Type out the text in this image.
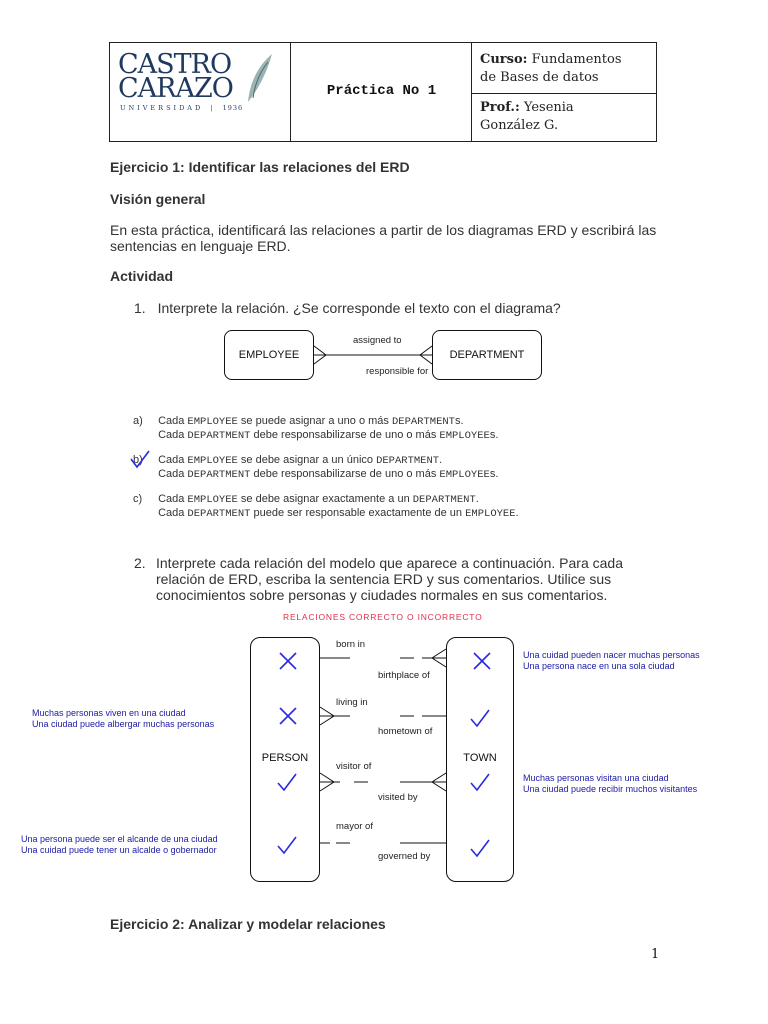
CASTRO
CARAZO
UNIVERSIDAD | 1936
Práctica No 1
Curso: Fundamentos
de Bases de datos
Prof.: Yesenia
González G.
Ejercicio 1: Identificar las relaciones del ERD
Visión general
En esta práctica, identificará las relaciones a partir de los diagramas ERD y escribirá las
sentencias en lenguaje ERD.
Actividad
1. Interprete la relación. ¿Se corresponde el texto con el diagrama?
EMPLOYEE	DEPARTMENT
assigned to
responsible for
a) Cada EMPLOYEE se puede asignar a uno o más DEPARTMENTs.
Cada DEPARTMENT debe responsabilizarse de uno o más EMPLOYEEs.
b) Cada EMPLOYEE se debe asignar a un único DEPARTMENT.
Cada DEPARTMENT debe responsabilizarse de uno o más EMPLOYEEs.
c) Cada EMPLOYEE se debe asignar exactamente a un DEPARTMENT.
Cada DEPARTMENT puede ser responsable exactamente de un EMPLOYEE.
2. Interprete cada relación del modelo que aparece a continuación. Para cada
relación de ERD, escriba la sentencia ERD y sus comentarios. Utilice sus
conocimientos sobre personas y ciudades normales en sus comentarios.
RELACIONES CORRECTO O INCORRECTO
PERSON	TOWN
born in
birthplace of
living in
hometown of
visitor of
visited by
mayor of
governed by
Una cuidad pueden nacer muchas personas
Una persona nace en una sola ciudad
Muchas personas viven en una ciudad
Una ciudad puede albergar muchas personas
Muchas personas visitan una ciudad
Una ciudad puede recibir muchos visitantes
Una persona puede ser el alcande de una ciudad
Una cuidad puede tener un alcalde o gobernador
Ejercicio 2: Analizar y modelar relaciones
1
